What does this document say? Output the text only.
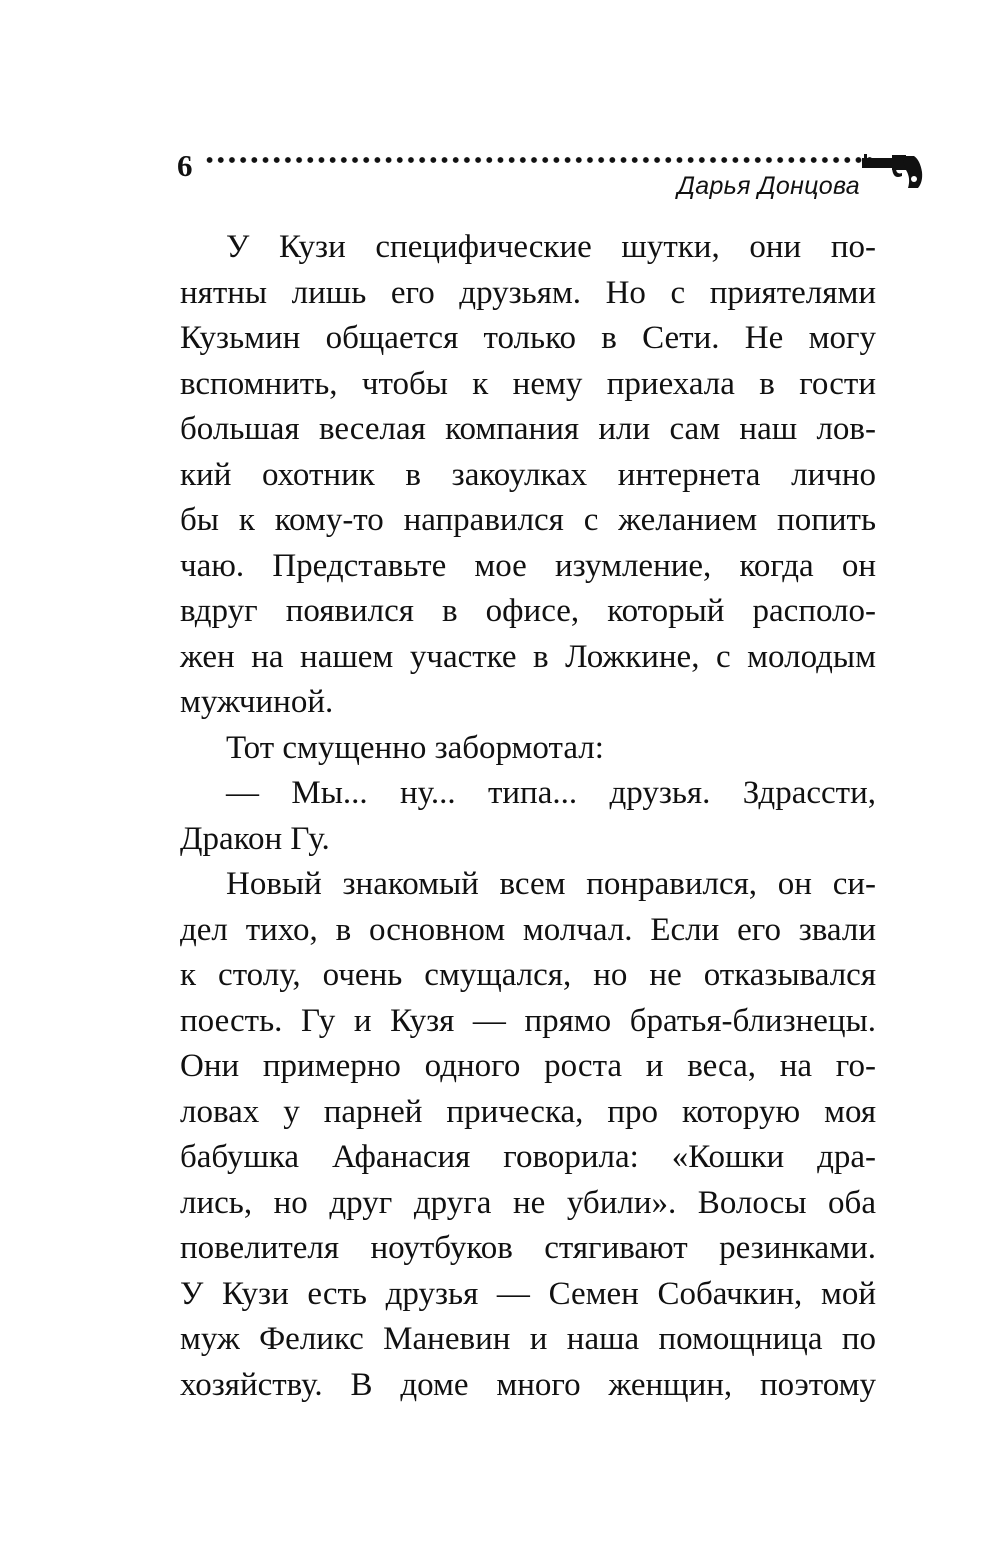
6
Дарья Донцова
У Кузи специфические шутки, они по-
нятны лишь его друзьям. Но с приятелями
Кузьмин общается только в Сети. Не могу
вспомнить, чтобы к нему приехала в гости
большая веселая компания или сам наш лов-
кий охотник в закоулках интернета лично
бы к кому-то направился с желанием попить
чаю. Представьте мое изумление, когда он
вдруг появился в офисе, который располо-
жен на нашем участке в Ложкине, с молодым
мужчиной.
Тот смущенно забормотал:
— Мы... ну... типа... друзья. Здрассти,
Дракон Гу.
Новый знакомый всем понравился, он си-
дел тихо, в основном молчал. Если его звали
к столу, очень смущался, но не отказывался
поесть. Гу и Кузя — прямо братья-близнецы.
Они примерно одного роста и веса, на го-
ловах у парней прическа, про которую моя
бабушка Афанасия говорила: «Кошки дра-
лись, но друг друга не убили». Волосы оба
повелителя ноутбуков стягивают резинками.
У Кузи есть друзья — Семен Собачкин, мой
муж Феликс Маневин и наша помощница по
хозяйству. В доме много женщин, поэтому
